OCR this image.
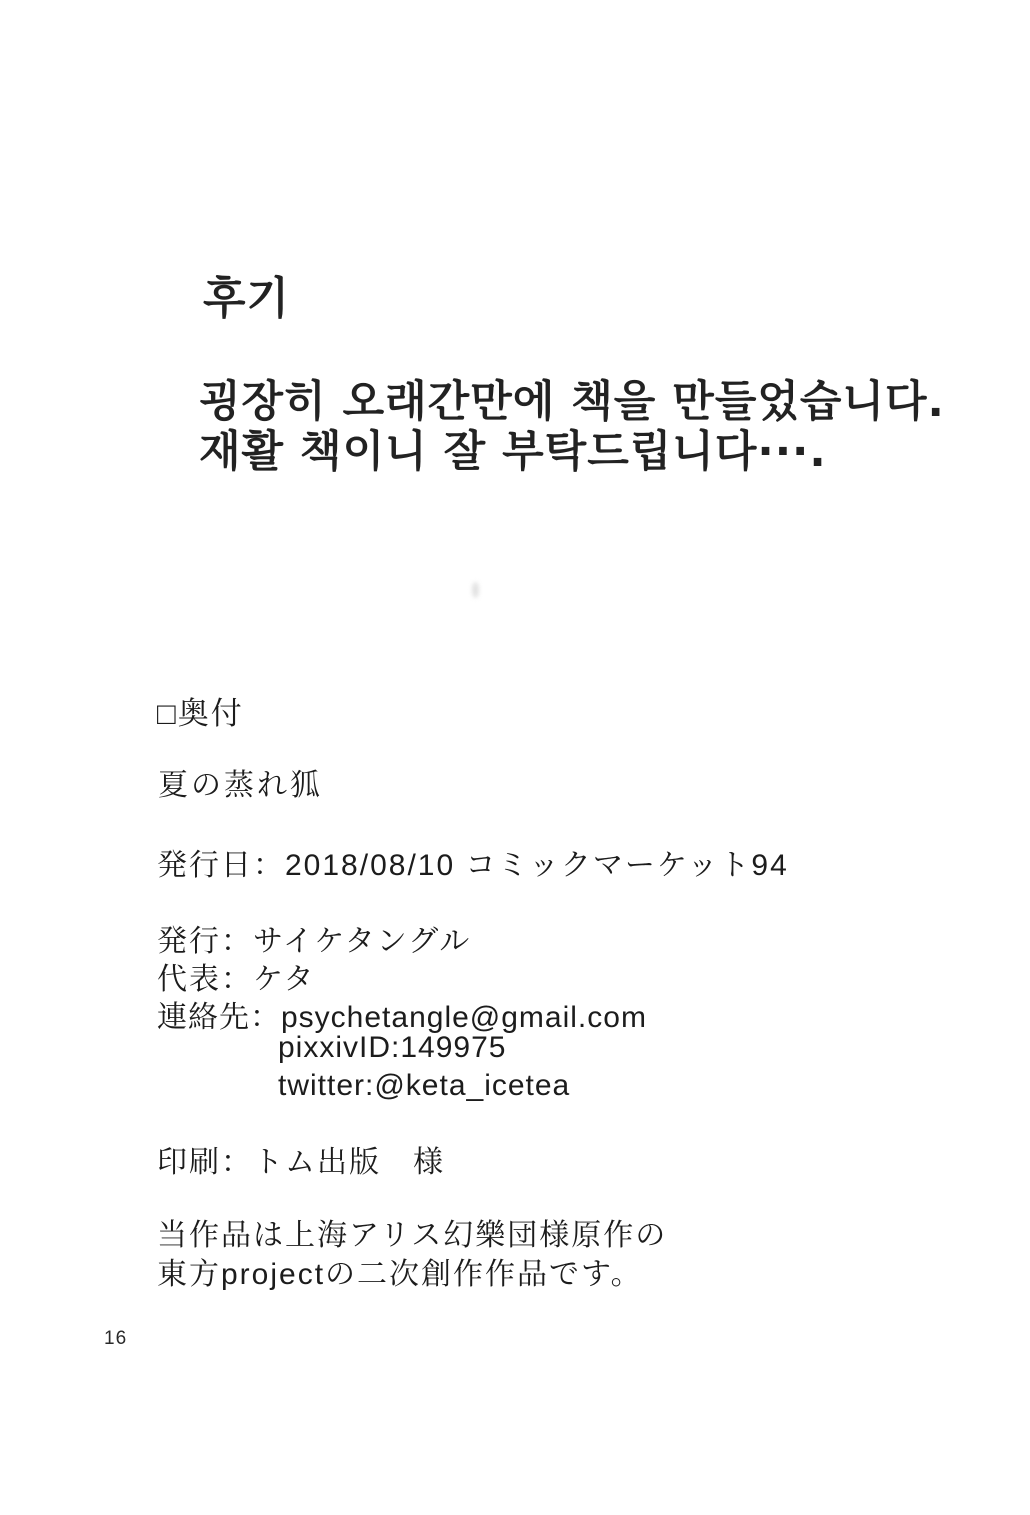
후기
굉장히 오래간만에 책을 만들었습니다.
재활 책이니 잘 부탁드립니다···.
□奥付
夏の蒸れ狐
発行日：2018/08/10 コミックマーケット94
発行：サイケタングル
代表：ケタ
連絡先：psychetangle@gmail.com
pixxivID:149975
twitter:@keta_icetea
印刷：トム出版　様
当作品は上海アリス幻樂団様原作の
東方projectの二次創作作品です。
16
